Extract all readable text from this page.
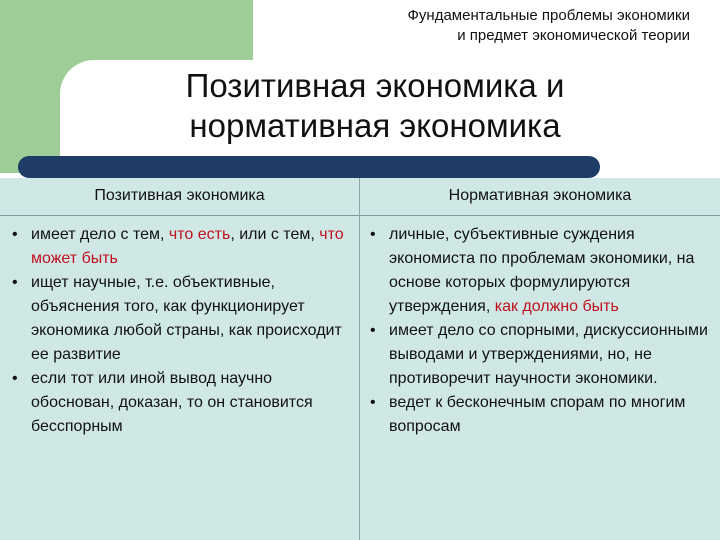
Фундаментальные проблемы экономики
и предмет экономической теории
Позитивная экономика и
нормативная экономика
Позитивная экономика	Нормативная экономика

• имеет дело с тем, что есть, или с тем, что может быть

• ищет научные, т.е. объективные, объяснения того, как функционирует экономика любой страны, как происходит ее развитие

• если тот или иной вывод научно обоснован, доказан, то он становится бесспорным

• личные, субъективные суждения экономиста по проблемам экономики, на основе которых формулируются утверждения, как должно быть

• имеет дело со спорными, дискуссионными выводами и утверждениями, но, не противоречит научности экономики.

• ведет к бесконечным спорам по многим вопросам
